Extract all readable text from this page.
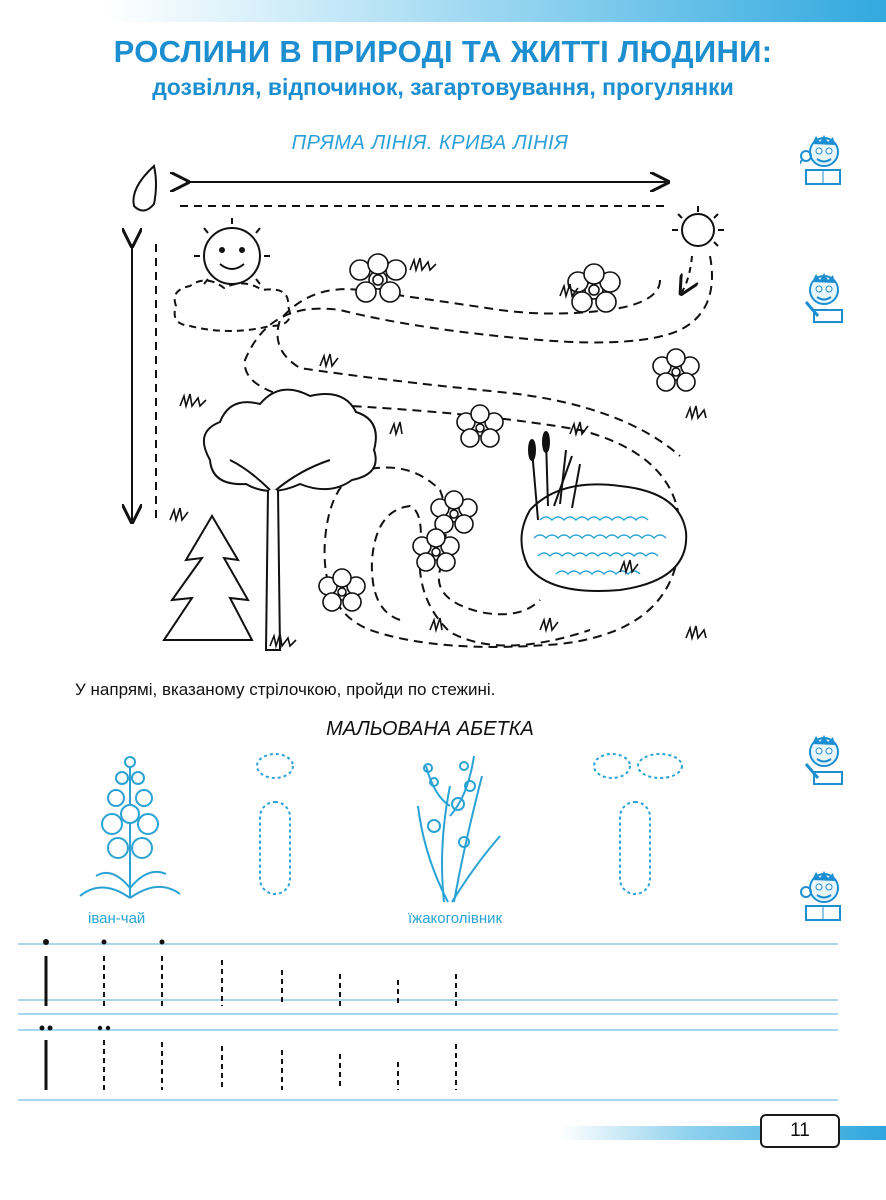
РОСЛИНИ В ПРИРОДІ ТА ЖИТТІ ЛЮДИНИ:
дозвілля, відпочинок, загартовування, прогулянки
ПРЯМА ЛІНІЯ. КРИВА ЛІНІЯ
У напрямі, вказаному стрілочкою, пройди по стежині.
МАЛЬОВАНА АБЕТКА
іван-чай	їжакоголівник
11
